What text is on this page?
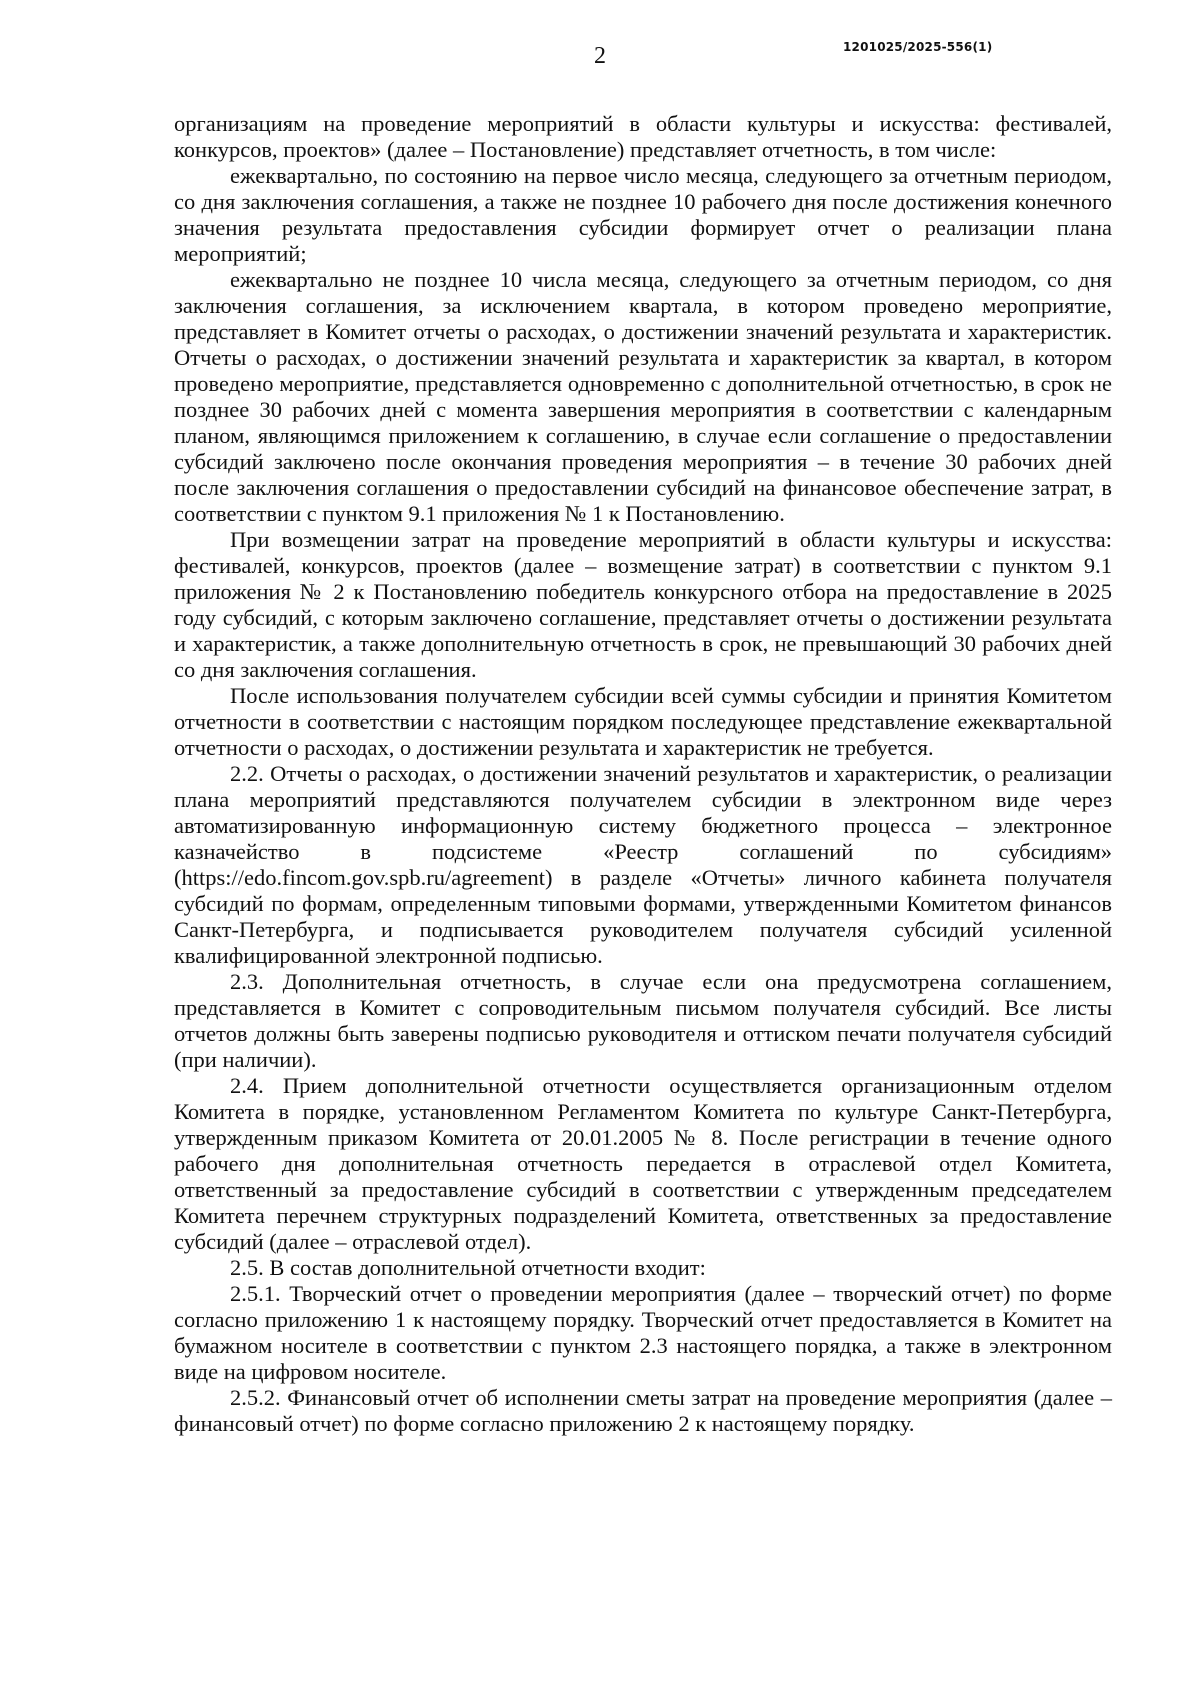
2	1201025/2025-556(1)

организациям на проведение мероприятий в области культуры и искусства: фестивалей, конкурсов, проектов» (далее – Постановление) представляет отчетность, в том числе:

ежеквартально, по состоянию на первое число месяца, следующего за отчетным периодом, со дня заключения соглашения, а также не позднее 10 рабочего дня после достижения конечного значения результата предоставления субсидии формирует отчет о реализации плана мероприятий;

ежеквартально не позднее 10 числа месяца, следующего за отчетным периодом, со дня заключения соглашения, за исключением квартала, в котором проведено мероприятие, представляет в Комитет отчеты о расходах, о достижении значений результата и характеристик. Отчеты о расходах, о достижении значений результата и характеристик за квартал, в котором проведено мероприятие, представляется одновременно с дополнительной отчетностью, в срок не позднее 30 рабочих дней с момента завершения мероприятия в соответствии с календарным планом, являющимся приложением к соглашению, в случае если соглашение о предоставлении субсидий заключено после окончания проведения мероприятия – в течение 30 рабочих дней после заключения соглашения о предоставлении субсидий на финансовое обеспечение затрат, в соответствии с пунктом 9.1 приложения № 1 к Постановлению.

При возмещении затрат на проведение мероприятий в области культуры и искусства: фестивалей, конкурсов, проектов (далее – возмещение затрат) в соответствии с пунктом 9.1 приложения № 2 к Постановлению победитель конкурсного отбора на предоставление в 2025 году субсидий, с которым заключено соглашение, представляет отчеты о достижении результата и характеристик, а также дополнительную отчетность в срок, не превышающий 30 рабочих дней со дня заключения соглашения.

После использования получателем субсидии всей суммы субсидии и принятия Комитетом отчетности в соответствии с настоящим порядком последующее представление ежеквартальной отчетности о расходах, о достижении результата и характеристик не требуется.

2.2. Отчеты о расходах, о достижении значений результатов и характеристик, о реализации плана мероприятий представляются получателем субсидии в электронном виде через автоматизированную информационную систему бюджетного процесса – электронное казначейство в подсистеме «Реестр соглашений по субсидиям» (https://edo.fincom.gov.spb.ru/agreement) в разделе «Отчеты» личного кабинета получателя субсидий по формам, определенным типовыми формами, утвержденными Комитетом финансов Санкт-Петербурга, и подписывается руководителем получателя субсидий усиленной квалифицированной электронной подписью.

2.3. Дополнительная отчетность, в случае если она предусмотрена соглашением, представляется в Комитет с сопроводительным письмом получателя субсидий. Все листы отчетов должны быть заверены подписью руководителя и оттиском печати получателя субсидий (при наличии).

2.4. Прием дополнительной отчетности осуществляется организационным отделом Комитета в порядке, установленном Регламентом Комитета по культуре Санкт-Петербурга, утвержденным приказом Комитета от 20.01.2005 № 8. После регистрации в течение одного рабочего дня дополнительная отчетность передается в отраслевой отдел Комитета, ответственный за предоставление субсидий в соответствии с утвержденным председателем Комитета перечнем структурных подразделений Комитета, ответственных за предоставление субсидий (далее – отраслевой отдел).

2.5. В состав дополнительной отчетности входит:

2.5.1. Творческий отчет о проведении мероприятия (далее – творческий отчет) по форме согласно приложению 1 к настоящему порядку. Творческий отчет предоставляется в Комитет на бумажном носителе в соответствии с пунктом 2.3 настоящего порядка, а также в электронном виде на цифровом носителе.

2.5.2. Финансовый отчет об исполнении сметы затрат на проведение мероприятия (далее – финансовый отчет) по форме согласно приложению 2 к настоящему порядку.
